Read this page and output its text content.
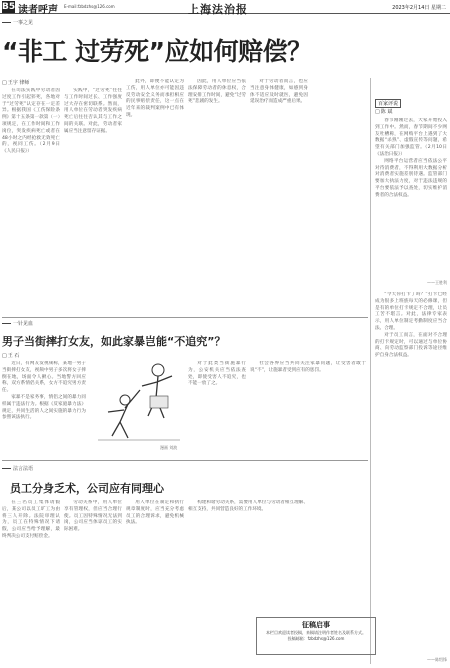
B5 读者呼声 E-mail:fzbdzhs@126.com	上海法治报	2023年2月14日 星期二
一事之见
“非工 过劳死”应如何赔偿？
□ 王宇 律师
在司法实践中劳动者因过度工作引起猝死，各地对于“过劳死”认定存在一定差异。根据我国《工伤保险条例》第十五条第一款第（一）项规定，在工作时间和工作岗位，突发疾病死亡或者在48小时之内经抢救无效死亡的，视同工伤。（2月9日《人民日报》）
实践中，“过劳死”往往与工作时间过长、工作强度过大存在密切联系。然而，用人单位在劳动者突发疾病死亡后往往否认其与工作之间的关联。对此，劳动者家属应当注意留存证据。
此外，即便不能认定为工伤，用人单位亦可能因违反劳动安全义务而承担相应的民事赔偿责任，这一点在近年来的裁判案例中已有体现。
因此，用人单位应当依法保障劳动者的休息权，合理安排工作时间，避免“过劳死”悲剧的发生。
对于劳动者而言，也应当注意身体健康，如感到身体不适应及时就医，避免因延误治疗而造成严重后果。	百家评说
□ 陈 斌
春节刚刚过去，大家开始投入到工作中。然而，春节期间不少网友吐槽称，在网购平台上遇到了大数据“杀熟”、虚假宣传等问题，希望有关部门加强监管。（2月10日《法治日报》）
网络平台运营者应当依法公平对待消费者，不得利用大数据分析对消费者实施差别待遇。监管部门要加大执法力度，对于违法违规的平台要依法予以查处，切实维护消费者的合法权益。
——王胜利
“今天你打卡了吗？”打卡已经成为很多上班族每天的必修课，但是有的单位打卡规定不合理，让员工苦不堪言。对此，法律专家表示，用人单位制定考勤制度应当合法、合理。
对于员工而言，在面对不合理的打卡规定时，可以通过与单位协商、向劳动监察部门投诉等途径维护自身合法权益。
——陈绍锋
一针见血
男子当街摔打女友，如此家暴岂能“不追究”？
□ 王 石
近日，有网友发视频称，某地一男子当街摔打女友，视频中男子多次将女子摔倒在地，场面令人揪心。当地警方回应称，双方系情侣关系，女方不追究男方责任。
家暴不是家务事，情侣之间的暴力同样属于违法行为。根据《反家庭暴力法》规定，共同生活的人之间实施的暴力行为参照该法执行。
漫画 刘波
对于此类当街施暴行为，公安机关应当依法查处，即使受害人不追究，也不能一放了之。
社会各界应当共同关注家暴问题，让受害者敢于说“不”，让施暴者受到应有的惩罚。
法言法语
员工分身乏术，公司应有同理心
在三名员工集体请假后，某公司以员工旷工为由将三人开除。法院审理认为，员工在特殊情况下请假，公司应当给予理解，最终判决公司支付赔偿金。
劳动关系中，用人单位享有管理权，但应当合理行使。员工因特殊情况无法到岗，公司应当体谅员工的实际困难。
用人单位在制定和执行规章制度时，应当充分考虑员工的合理诉求，避免机械执法。
构建和谐劳动关系，需要用人单位与劳动者相互理解、相互支持，共同营造良好的工作环境。
征稿启事
本栏目欢迎读者投稿，来稿请注明作者姓名及联系方式。
投稿邮箱：fzbdzhs@126.com
